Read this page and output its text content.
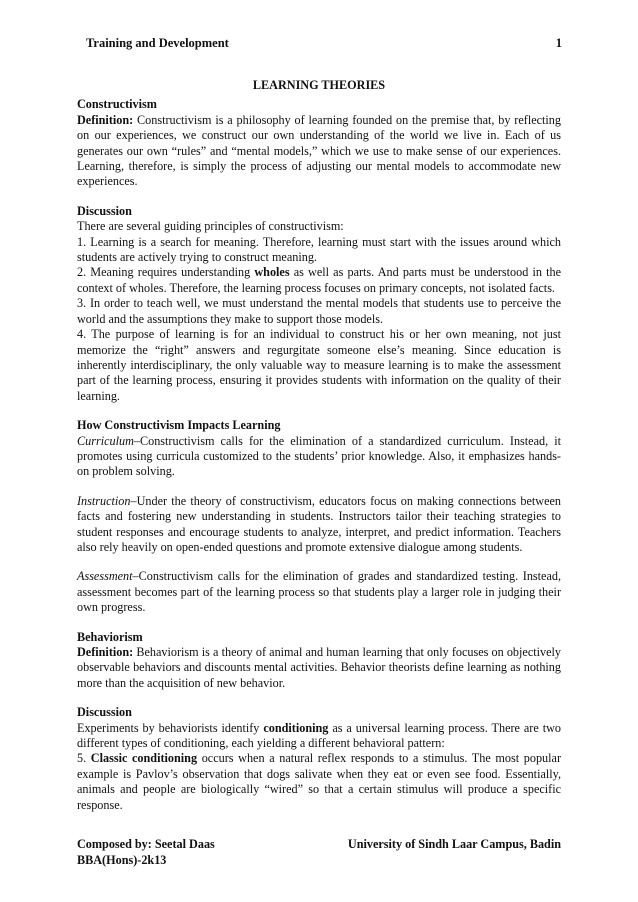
Training and Development	1
LEARNING THEORIES

Constructivism

Definition: Constructivism is a philosophy of learning founded on the premise that, by reflecting on our experiences, we construct our own understanding of the world we live in. Each of us generates our own “rules” and “mental models,” which we use to make sense of our experiences. Learning, therefore, is simply the process of adjusting our mental models to accommodate new experiences.

Discussion

There are several guiding principles of constructivism:

1. Learning is a search for meaning. Therefore, learning must start with the issues around which students are actively trying to construct meaning.

2. Meaning requires understanding wholes as well as parts. And parts must be understood in the context of wholes. Therefore, the learning process focuses on primary concepts, not isolated facts.

3. In order to teach well, we must understand the mental models that students use to perceive the world and the assumptions they make to support those models.

4. The purpose of learning is for an individual to construct his or her own meaning, not just memorize the “right” answers and regurgitate someone else’s meaning. Since education is inherently interdisciplinary, the only valuable way to measure learning is to make the assessment part of the learning process, ensuring it provides students with information on the quality of their learning.

How Constructivism Impacts Learning

Curriculum–Constructivism calls for the elimination of a standardized curriculum. Instead, it promotes using curricula customized to the students’ prior knowledge. Also, it emphasizes hands-on problem solving.

Instruction–Under the theory of constructivism, educators focus on making connections between facts and fostering new understanding in students. Instructors tailor their teaching strategies to student responses and encourage students to analyze, interpret, and predict information. Teachers also rely heavily on open-ended questions and promote extensive dialogue among students.

Assessment–Constructivism calls for the elimination of grades and standardized testing. Instead, assessment becomes part of the learning process so that students play a larger role in judging their own progress.

Behaviorism

Definition: Behaviorism is a theory of animal and human learning that only focuses on objectively observable behaviors and discounts mental activities. Behavior theorists define learning as nothing more than the acquisition of new behavior.

Discussion

Experiments by behaviorists identify conditioning as a universal learning process. There are two different types of conditioning, each yielding a different behavioral pattern:

5. Classic conditioning occurs when a natural reflex responds to a stimulus. The most popular example is Pavlov’s observation that dogs salivate when they eat or even see food. Essentially, animals and people are biologically “wired” so that a certain stimulus will produce a specific response.

Composed by: Seetal Daas	University of Sindh Laar Campus, Badin
BBA(Hons)-2k13
